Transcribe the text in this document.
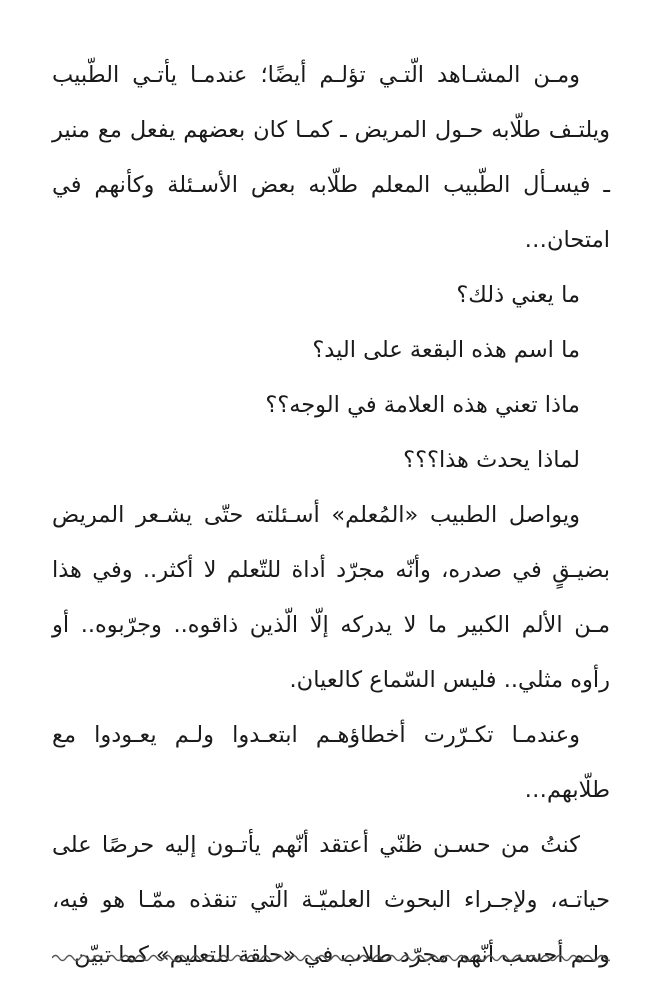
ومـن المشـاهد الّتـي تؤلـم أيضًا؛ عندمـا يأتـي الطّبيب ويلتـف طلّابه حـول المريض ـ كمـا كان بعضهم يفعل مع منير ـ فيسـأل الطّبيب المعلم طلّابه بعض الأسـئلة وكأنهم في امتحان…

ما يعني ذلك؟

ما اسم هذه البقعة على اليد؟

ماذا تعني هذه العلامة في الوجه؟؟

لماذا يحدث هذا؟؟؟

ويواصل الطبيب «المُعلم» أسـئلته حتّى يشـعر المريض بضيـقٍ في صدره، وأنّه مجرّد أداة للتّعلم لا أكثر.. وفي هذا مـن الألم الكبير ما لا يدركه إلّا الّذين ذاقوه.. وجرّبوه.. أو رأوه مثلي.. فليس السّماع كالعيان.

وعندمـا تكـرّرت أخطاؤهـم ابتعـدوا ولـم يعـودوا مع طلّابهم…

كنتُ من حسـن ظنّي أعتقد أنّهم يأتـون إليه حرصًا على حياتـه، ولإجـراء البحوث العلميّـة الّتي تنقذه ممّـا هو فيه، ولـم أحسب أنّهم مجرّد طلاب في «حلقة للتعليم» كما تبيّن
